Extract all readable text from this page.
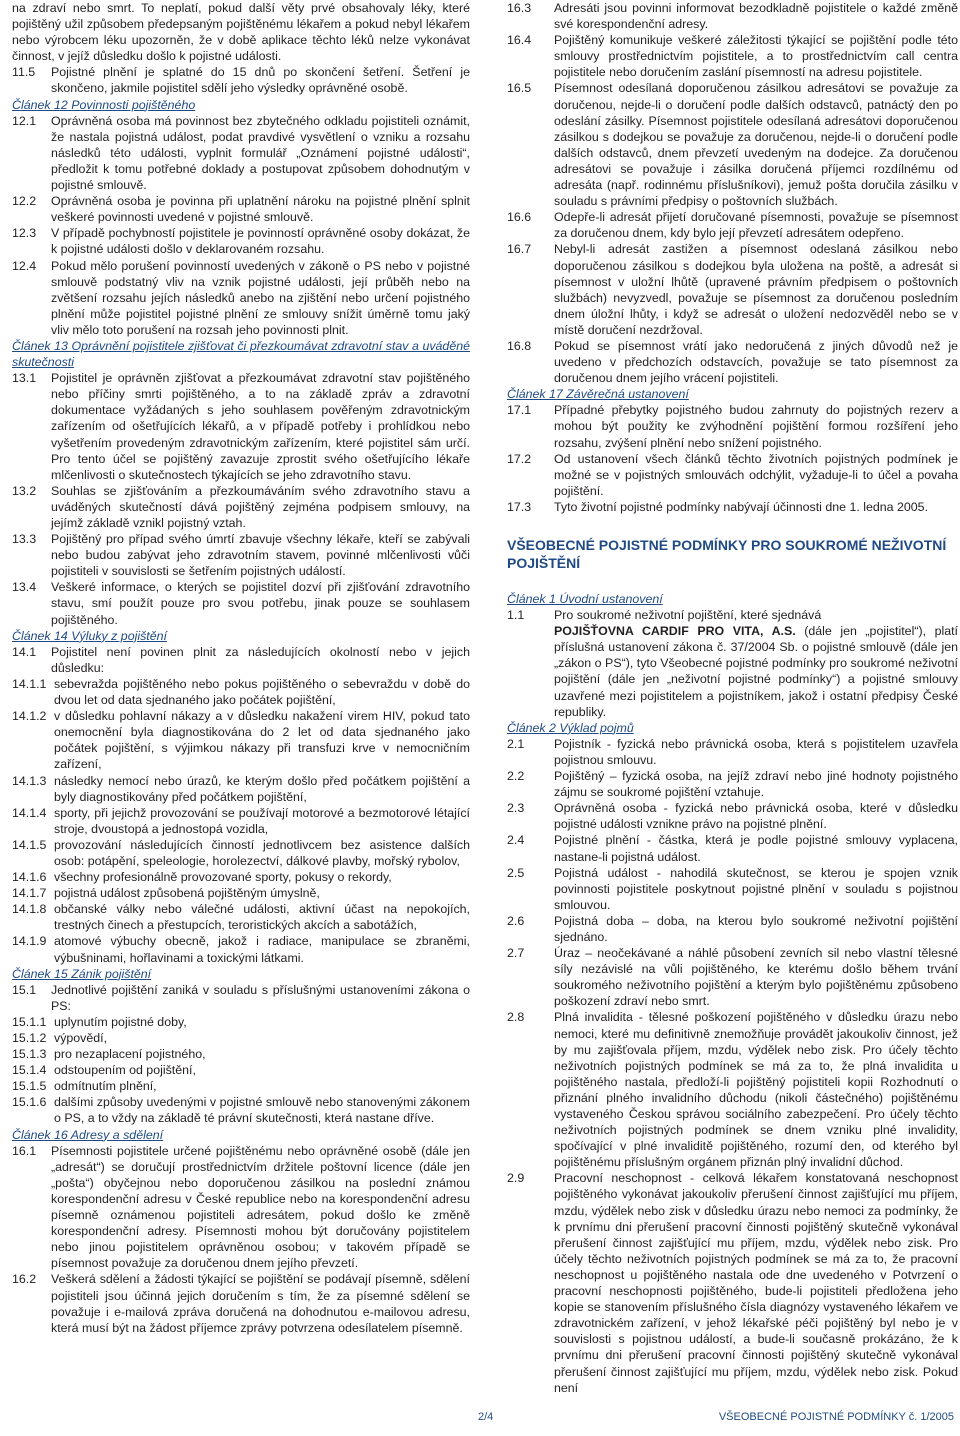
na zdraví nebo smrt. To neplatí, pokud další věty prvé obsahovaly léky, které pojištěný užil způsobem předepsaným pojištěnému lékařem a pokud nebyl lékařem nebo výrobcem léku upozorněn, že v době aplikace těchto léků nelze vykonávat činnost, v jejíž důsledku došlo k pojistné události.

11.5	Pojistné plnění je splatné do 15 dnů po skončení šetření. Šetření je skončeno, jakmile pojistitel sdělí jeho výsledky oprávněné osobě.

Článek 12 Povinnosti pojištěného

12.1	Oprávněná osoba má povinnost bez zbytečného odkladu pojistiteli oznámit, že nastala pojistná událost, podat pravdivé vysvětlení o vzniku a rozsahu následků této události, vyplnit formulář „Oznámení pojistné události“, předložit k tomu potřebné doklady a postupovat způsobem dohodnutým v pojistné smlouvě.
12.2	Oprávněná osoba je povinna při uplatnění nároku na pojistné plnění splnit veškeré povinnosti uvedené v pojistné smlouvě.
12.3	V případě pochybností pojistitele je povinností oprávněné osoby dokázat, že k pojistné události došlo v deklarovaném rozsahu.
12.4	Pokud mělo porušení povinností uvedených v zákoně o PS nebo v pojistné smlouvě podstatný vliv na vznik pojistné události, její průběh nebo na zvětšení rozsahu jejích následků anebo na zjištění nebo určení pojistného plnění může pojistitel pojistné plnění ze smlouvy snížit úměrně tomu jaký vliv mělo toto porušení na rozsah jeho povinnosti plnit.

Článek 13 Oprávnění pojistitele zjišťovat či přezkoumávat zdravotní stav a uváděné skutečnosti

13.1	Pojistitel je oprávněn zjišťovat a přezkoumávat zdravotní stav pojištěného nebo příčiny smrti pojištěného, a to na základě zpráv a zdravotní dokumentace vyžádaných s jeho souhlasem pověřeným zdravotnickým zařízením od ošetřujících lékařů, a v případě potřeby i prohlídkou nebo vyšetřením provedeným zdravotnickým zařízením, které pojistitel sám určí. Pro tento účel se pojištěný zavazuje zprostit svého ošetřujícího lékaře mlčenlivosti o skutečnostech týkajících se jeho zdravotního stavu.
13.2	Souhlas se zjišťováním a přezkoumáváním svého zdravotního stavu a uváděných skutečností dává pojištěný zejména podpisem smlouvy, na jejímž základě vznikl pojistný vztah.
13.3	Pojištěný pro případ svého úmrtí zbavuje všechny lékaře, kteří se zabývali nebo budou zabývat jeho zdravotním stavem, povinné mlčenlivosti vůči pojistiteli v souvislosti se šetřením pojistných událostí.
13.4	Veškeré informace, o kterých se pojistitel dozví při zjišťování zdravotního stavu, smí použít pouze pro svou potřebu, jinak pouze se souhlasem pojištěného.

Článek 14 Výluky z pojištění

14.1	Pojistitel není povinen plnit za následujících okolností nebo v jejich důsledku:
14.1.1 sebevražda pojištěného nebo pokus pojištěného o sebevraždu v době do dvou let od data sjednaného jako počátek pojištění,
14.1.2 v důsledku pohlavní nákazy a v důsledku nakažení virem HIV, pokud tato onemocnění byla diagnostikována do 2 let od data sjednaného jako počátek pojištění, s výjimkou nákazy při transfuzi krve v nemocničním zařízení,
14.1.3 následky nemocí nebo úrazů, ke kterým došlo před počátkem pojištění a byly diagnostikovány před počátkem pojištění,
14.1.4 sporty, při jejichž provozování se používají motorové a bezmotorové létající stroje, dvoustopá a jednostopá vozidla,
14.1.5 provozování následujících činností jednotlivcem bez asistence dalších osob: potápění, speleologie, horolezectví, dálkové plavby, mořský rybolov,
14.1.6 všechny profesionálně provozované sporty, pokusy o rekordy,
14.1.7 pojistná událost způsobená pojištěným úmyslně,
14.1.8 občanské války nebo válečné události, aktivní účast na nepokojích, trestných činech a přestupcích, teroristických akcích a sabotážích,
14.1.9 atomové výbuchy obecně, jakož i radiace, manipulace se zbraněmi, výbušninami, hořlavinami a toxickými látkami.

Článek 15 Zánik pojištění

15.1	Jednotlivé pojištění zaniká v souladu s příslušnými ustanoveními zákona o PS:
15.1.1 uplynutím pojistné doby,
15.1.2 výpovědí,
15.1.3 pro nezaplacení pojistného,
15.1.4 odstoupením od pojištění,
15.1.5 odmítnutím plnění,
15.1.6 dalšími způsoby uvedenými v pojistné smlouvě nebo stanovenými zákonem o PS, a to vždy na základě té právní skutečnosti, která nastane dříve.

Článek 16 Adresy a sdělení

16.1	Písemnosti pojistitele určené pojištěnému nebo oprávněné osobě (dále jen „adresát“) se doručují prostřednictvím držitele poštovní licence (dále jen „pošta“) obyčejnou nebo doporučenou zásilkou na poslední známou korespondenční adresu v České republice nebo na korespondenční adresu písemně oznámenou pojistiteli adresátem, pokud došlo ke změně korespondenční adresy. Písemnosti mohou být doručovány pojistitelem nebo jinou pojistitelem oprávněnou osobou; v takovém případě se písemnost považuje za doručenou dnem jejího převzetí.
16.2	Veškerá sdělení a žádosti týkající se pojištění se podávají písemně, sdělení pojistiteli jsou účinná jejich doručením s tím, že za písemné sdělení se považuje i e-mailová zpráva doručená na dohodnutou e-mailovou adresu, která musí být na žádost příjemce zprávy potvrzena odesílatelem písemně.
16.3	Adresáti jsou povinni informovat bezodkladně pojistitele o každé změně své korespondenční adresy.
16.4	Pojištěný komunikuje veškeré záležitosti týkající se pojištění podle této smlouvy prostřednictvím pojistitele, a to prostřednictvím call centra pojistitele nebo doručením zaslání písemností na adresu pojistitele.
16.5	Písemnost odesílaná doporučenou zásilkou adresátovi se považuje za doručenou, nejde-li o doručení podle dalších odstavců, patnáctý den po odeslání zásilky. Písemnost pojistitele odesílaná adresátovi doporučenou zásilkou s dodejkou se považuje za doručenou, nejde-li o doručení podle dalších odstavců, dnem převzetí uvedeným na dodejce. Za doručenou adresátovi se považuje i zásilka doručená příjemci rozdílnému od adresáta (např. rodinnému příslušníkovi), jemuž pošta doručila zásilku v souladu s právními předpisy o poštovních službách.
16.6	Odepře-li adresát přijetí doručované písemnosti, považuje se písemnost za doručenou dnem, kdy bylo její převzetí adresátem odepřeno.
16.7	Nebyl-li adresát zastižen a písemnost odeslaná zásilkou nebo doporučenou zásilkou s dodejkou byla uložena na poště, a adresát si písemnost v uložní lhůtě (upravené právním předpisem o poštovních službách) nevyzvedl, považuje se písemnost za doručenou posledním dnem úložní lhůty, i když se adresát o uložení nedozvěděl nebo se v místě doručení nezdržoval.
16.8	Pokud se písemnost vrátí jako nedoručená z jiných důvodů než je uvedeno v předchozích odstavcích, považuje se tato písemnost za doručenou dnem jejího vrácení pojistiteli.

Článek 17 Závěrečná ustanovení

17.1	Případné přebytky pojistného budou zahrnuty do pojistných rezerv a mohou být použity ke zvýhodnění pojištění formou rozšíření jeho rozsahu, zvýšení plnění nebo snížení pojistného.
17.2	Od ustanovení všech článků těchto životních pojistných podmínek je možné se v pojistných smlouvách odchýlit, vyžaduje-li to účel a povaha pojištění.
17.3	Tyto životní pojistné podmínky nabývají účinnosti dne 1. ledna 2005.

VŠEOBECNÉ POJISTNÉ PODMÍNKY PRO SOUKROMÉ NEŽIVOTNÍ POJIŠTĚNÍ

Článek 1 Úvodní ustanovení

1.1	Pro soukromé neživotní pojištění, které sjednává
POJIŠŤOVNA CARDIF PRO VITA, A.S. (dále jen „pojistitel“), platí příslušná ustanovení zákona č. 37/2004 Sb. o pojistné smlouvě (dále jen „zákon o PS“), tyto Všeobecné pojistné podmínky pro soukromé neživotní pojištění (dále jen „neživotní pojistné podmínky“) a pojistné smlouvy uzavřené mezi pojistitelem a pojistníkem, jakož i ostatní předpisy České republiky.

Článek 2 Výklad pojmů

2.1	Pojistník - fyzická nebo právnická osoba, která s pojistitelem uzavřela pojistnou smlouvu.
2.2	Pojištěný – fyzická osoba, na jejíž zdraví nebo jiné hodnoty pojistného zájmu se soukromé pojištění vztahuje.
2.3	Oprávněná osoba - fyzická nebo právnická osoba, které v důsledku pojistné události vznikne právo na pojistné plnění.
2.4	Pojistné plnění - částka, která je podle pojistné smlouvy vyplacena, nastane-li pojistná událost.
2.5	Pojistná událost - nahodilá skutečnost, se kterou je spojen vznik povinnosti pojistitele poskytnout pojistné plnění v souladu s pojistnou smlouvou.
2.6	Pojistná doba – doba, na kterou bylo soukromé neživotní pojištění sjednáno.
2.7	Úraz – neočekávané a náhlé působení zevních sil nebo vlastní tělesné síly nezávislé na vůli pojištěného, ke kterému došlo během trvání soukromého neživotního pojištění a kterým bylo pojištěnému způsobeno poškození zdraví nebo smrt.
2.8	Plná invalidita - tělesné poškození pojištěného v důsledku úrazu nebo nemoci, které mu definitivně znemožňuje provádět jakoukoliv činnost, jež by mu zajišťovala příjem, mzdu, výdělek nebo zisk. Pro účely těchto neživotních pojistných podmínek se má za to, že plná invalidita u pojištěného nastala, předloží-li pojištěný pojistiteli kopii Rozhodnutí o přiznání plného invalidního důchodu (nikoli částečného) pojištěnému vystaveného Českou správou sociálního zabezpečení. Pro účely těchto neživotních pojistných podmínek se dnem vzniku plné invalidity, spočívající v plné invaliditě pojištěného, rozumí den, od kterého byl pojištěnému příslušným orgánem přiznán plný invalidní důchod.
2.9	Pracovní neschopnost - celková lékařem konstatovaná neschopnost pojištěného vykonávat jakoukoliv přerušení činnost zajišťující mu příjem, mzdu, výdělek nebo zisk v důsledku úrazu nebo nemoci za podmínky, že k prvnímu dni přerušení pracovní činnosti pojištěný skutečně vykonával přerušení činnost zajišťující mu příjem, mzdu, výdělek nebo zisk. Pro účely těchto neživotních pojistných podmínek se má za to, že pracovní neschopnost u pojištěného nastala ode dne uvedeného v Potvrzení o pracovní neschopnosti pojištěného, bude-li pojistiteli předložena jeho kopie se stanovením příslušného čísla diagnózy vystaveného lékařem ve zdravotnickém zařízení, v jehož lékařské péči pojištěný byl nebo je v souvislosti s pojistnou událostí, a bude-li současně prokázáno, že k prvnímu dni přerušení pracovní činnosti pojištěný skutečně vykonával přerušení činnost zajišťující mu příjem, mzdu, výdělek nebo zisk. Pokud není
2/4	VŠEOBECNÉ POJISTNÉ PODMÍNKY č. 1/2005
